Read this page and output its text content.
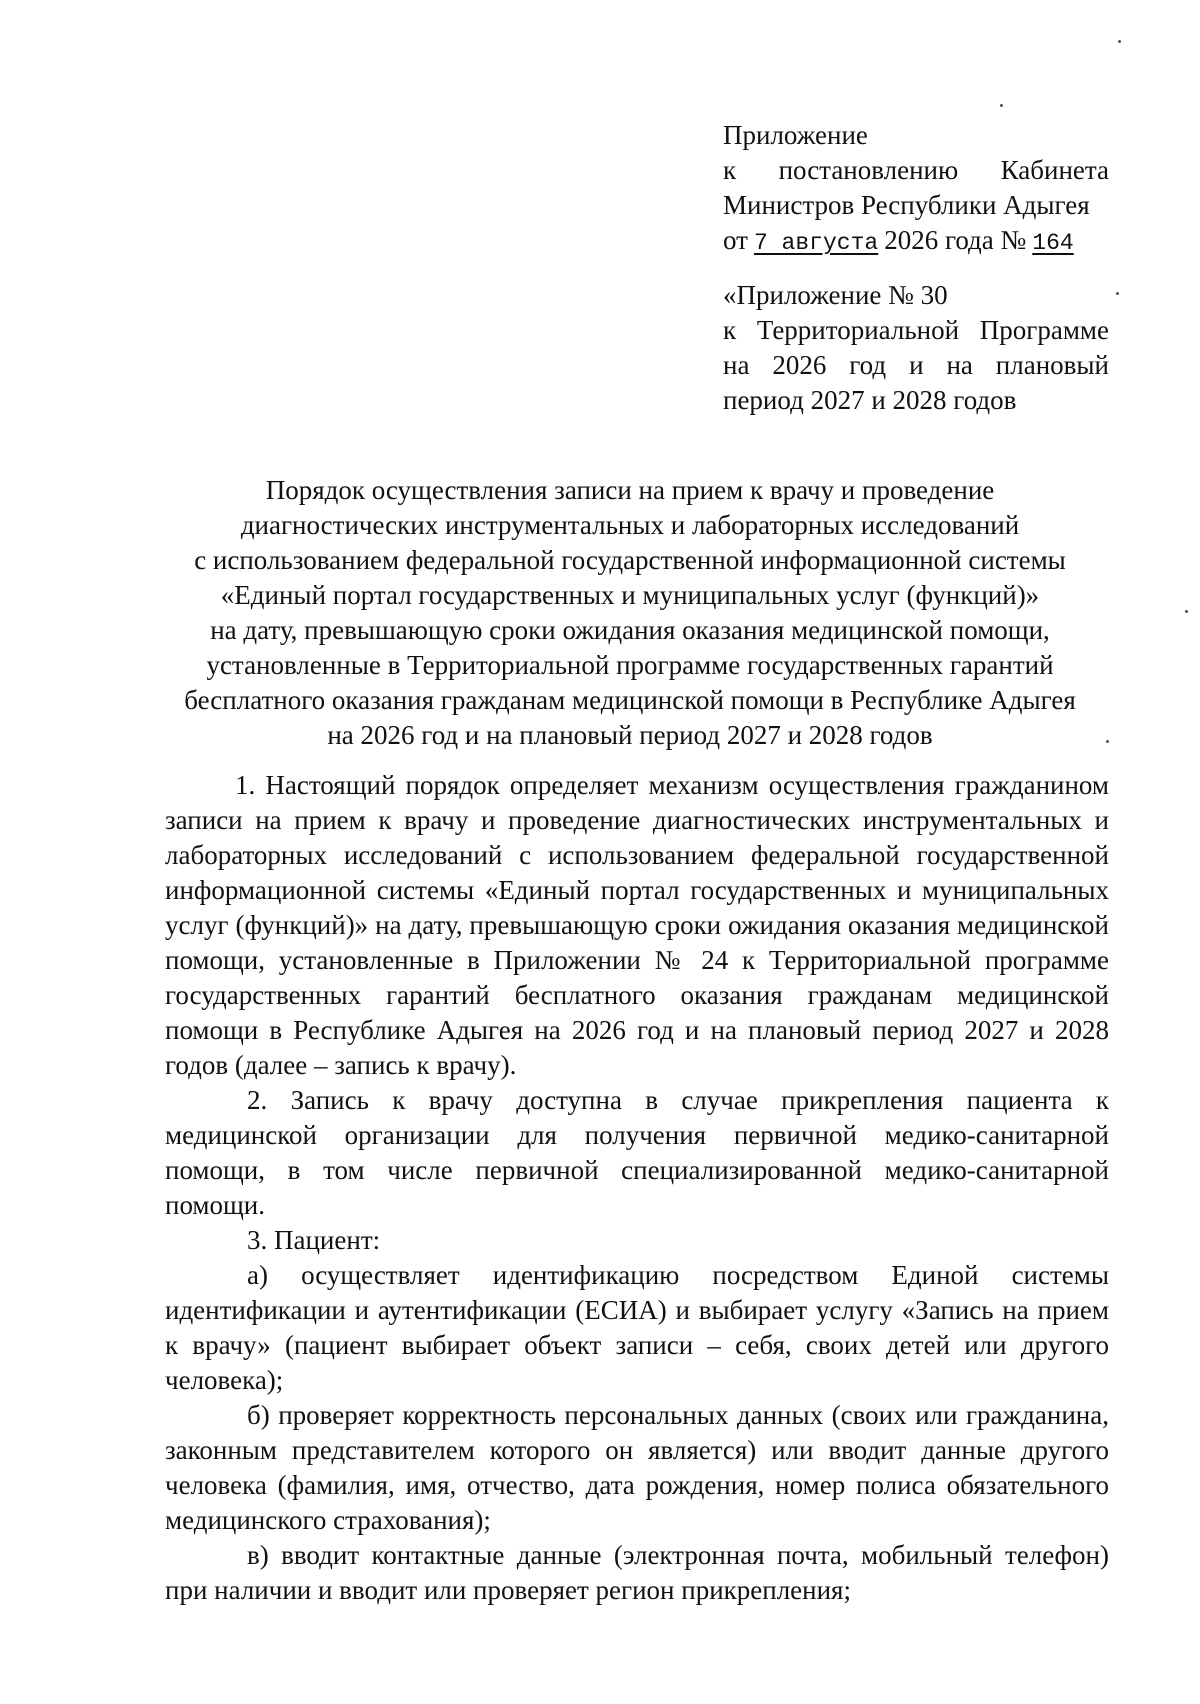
Приложение
к постановлению Кабинета
Министров Республики Адыгея
от 7 августа 2026 года № 164
«Приложение № 30
к Территориальной Программе
на 2026 год и на плановый
период 2027 и 2028 годов
Порядок осуществления записи на прием к врачу и проведение
диагностических инструментальных и лабораторных исследований
с использованием федеральной государственной информационной системы
«Единый портал государственных и муниципальных услуг (функций)»
на дату, превышающую сроки ожидания оказания медицинской помощи,
установленные в Территориальной программе государственных гарантий
бесплатного оказания гражданам медицинской помощи в Республике Адыгея
на 2026 год и на плановый период 2027 и 2028 годов

1. Настоящий порядок определяет механизм осуществления гражданином записи на прием к врачу и проведение диагностических инструментальных и лабораторных исследований с использованием федеральной государственной информационной системы «Единый портал государственных и муниципальных услуг (функций)» на дату, превышающую сроки ожидания оказания медицинской помощи, установленные в Приложении № 24 к Территориальной программе государственных гарантий бесплатного оказания гражданам медицинской помощи в Республике Адыгея на 2026 год и на плановый период 2027 и 2028 годов (далее – запись к врачу).

2. Запись к врачу доступна в случае прикрепления пациента к медицинской организации для получения первичной медико-санитарной помощи, в том числе первичной специализированной медико-санитарной помощи.

3. Пациент:

а) осуществляет идентификацию посредством Единой системы идентификации и аутентификации (ЕСИА) и выбирает услугу «Запись на прием к врачу» (пациент выбирает объект записи – себя, своих детей или другого человека);

б) проверяет корректность персональных данных (своих или гражданина, законным представителем которого он является) или вводит данные другого человека (фамилия, имя, отчество, дата рождения, номер полиса обязательного медицинского страхования);

в) вводит контактные данные (электронная почта, мобильный телефон) при наличии и вводит или проверяет регион прикрепления;
